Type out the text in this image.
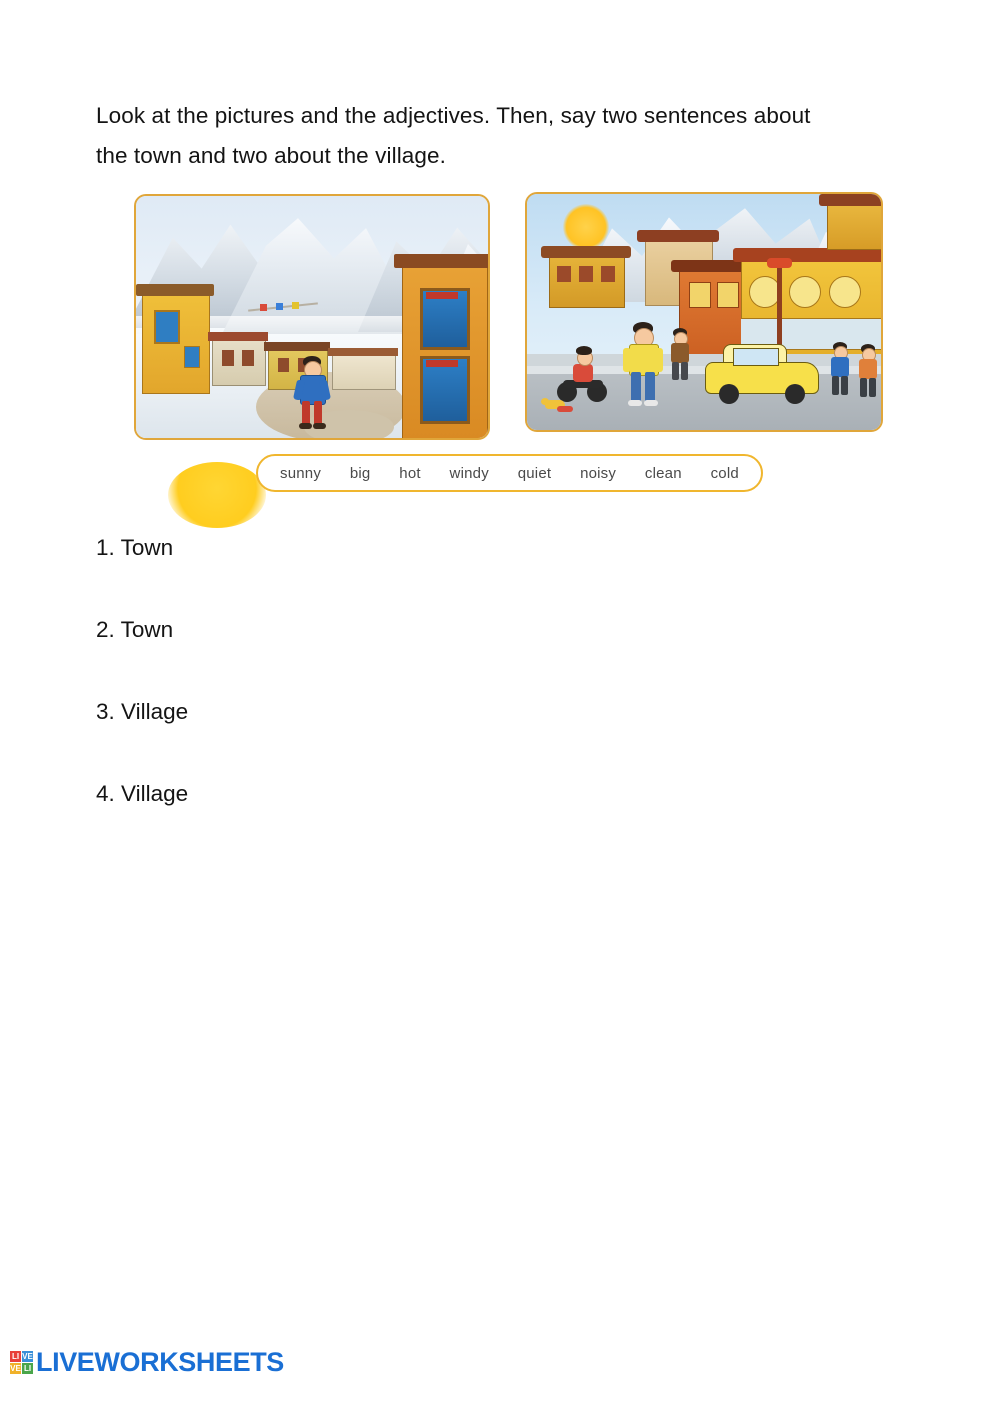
Look at the pictures and the adjectives. Then, say two sentences about the town and two about the village.
sunny big hot windy quiet noisy clean cold
1. Town
2. Town
3. Village
4. Village
LI VE
VE LI LIVEWORKSHEETS
